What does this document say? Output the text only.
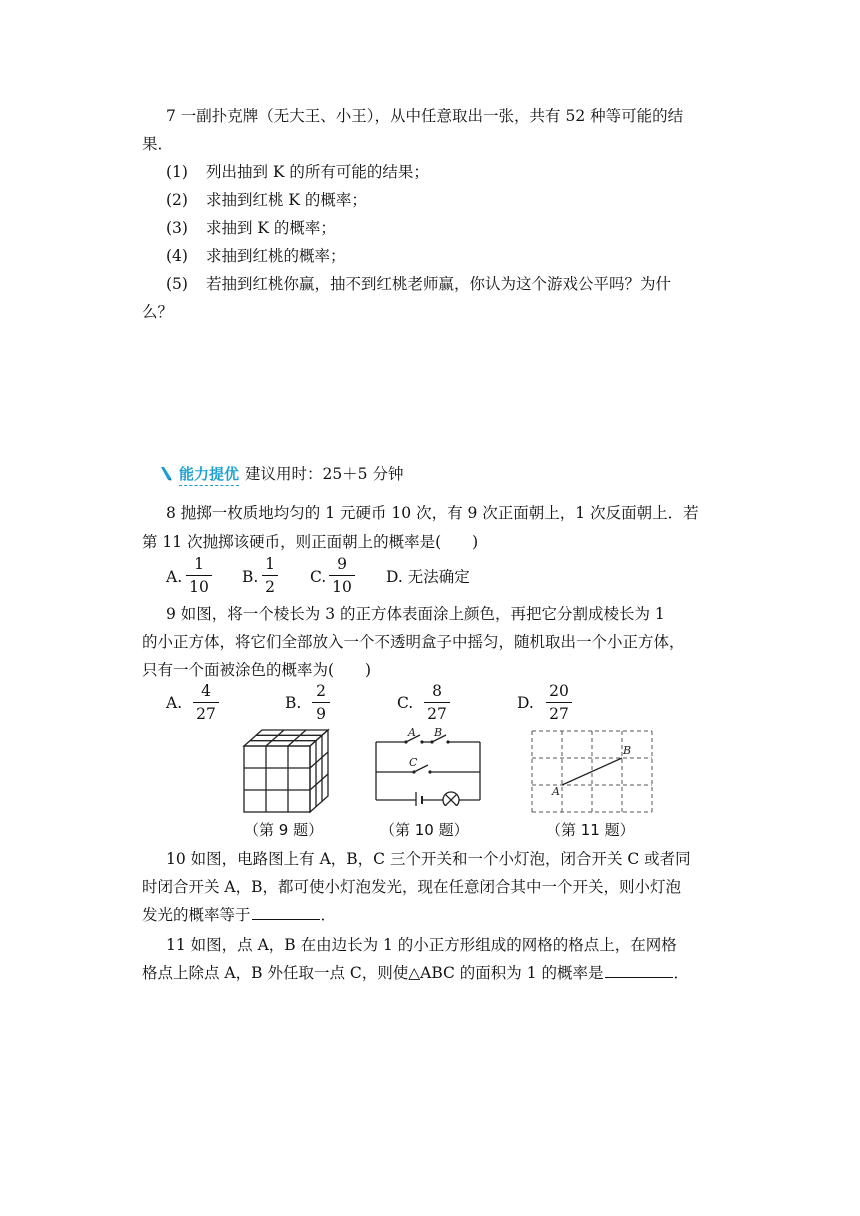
7 一副扑克牌（无大王、小王），从中任意取出一张，共有 52 种等可能的结
果．
(1) 列出抽到 K 的所有可能的结果；
(2) 求抽到红桃 K 的概率；
(3) 求抽到 K 的概率；
(4) 求抽到红桃的概率；
(5) 若抽到红桃你赢，抽不到红桃老师赢，你认为这个游戏公平吗？为什
么？
能力提优 建议用时：25＋5 分钟
8 抛掷一枚质地均匀的 1 元硬币 10 次，有 9 次正面朝上，1 次反面朝上．若
第 11 次抛掷该硬币，则正面朝上的概率是(　　)
A.
1
10
B.
1
2
C.
9
10
D. 无法确定
9 如图，将一个棱长为 3 的正方体表面涂上颜色，再把它分割成棱长为 1
的小正方体，将它们全部放入一个不透明盒子中摇匀，随机取出一个小正方体，
只有一个面被涂色的概率为(　　)
A.
4
27
B.
2
9
C.
8
27
D.
20
27
A B
C
A
B
（第 9 题）	（第 10 题）	（第 11 题）
10 如图，电路图上有 A，B，C 三个开关和一个小灯泡，闭合开关 C 或者同
时闭合开关 A，B，都可使小灯泡发光，现在任意闭合其中一个开关，则小灯泡
发光的概率等于	．
11 如图，点 A，B 在由边长为 1 的小正方形组成的网格的格点上，在网格
格点上除点 A，B 外任取一点 C，则使△ABC 的面积为 1 的概率是	．
